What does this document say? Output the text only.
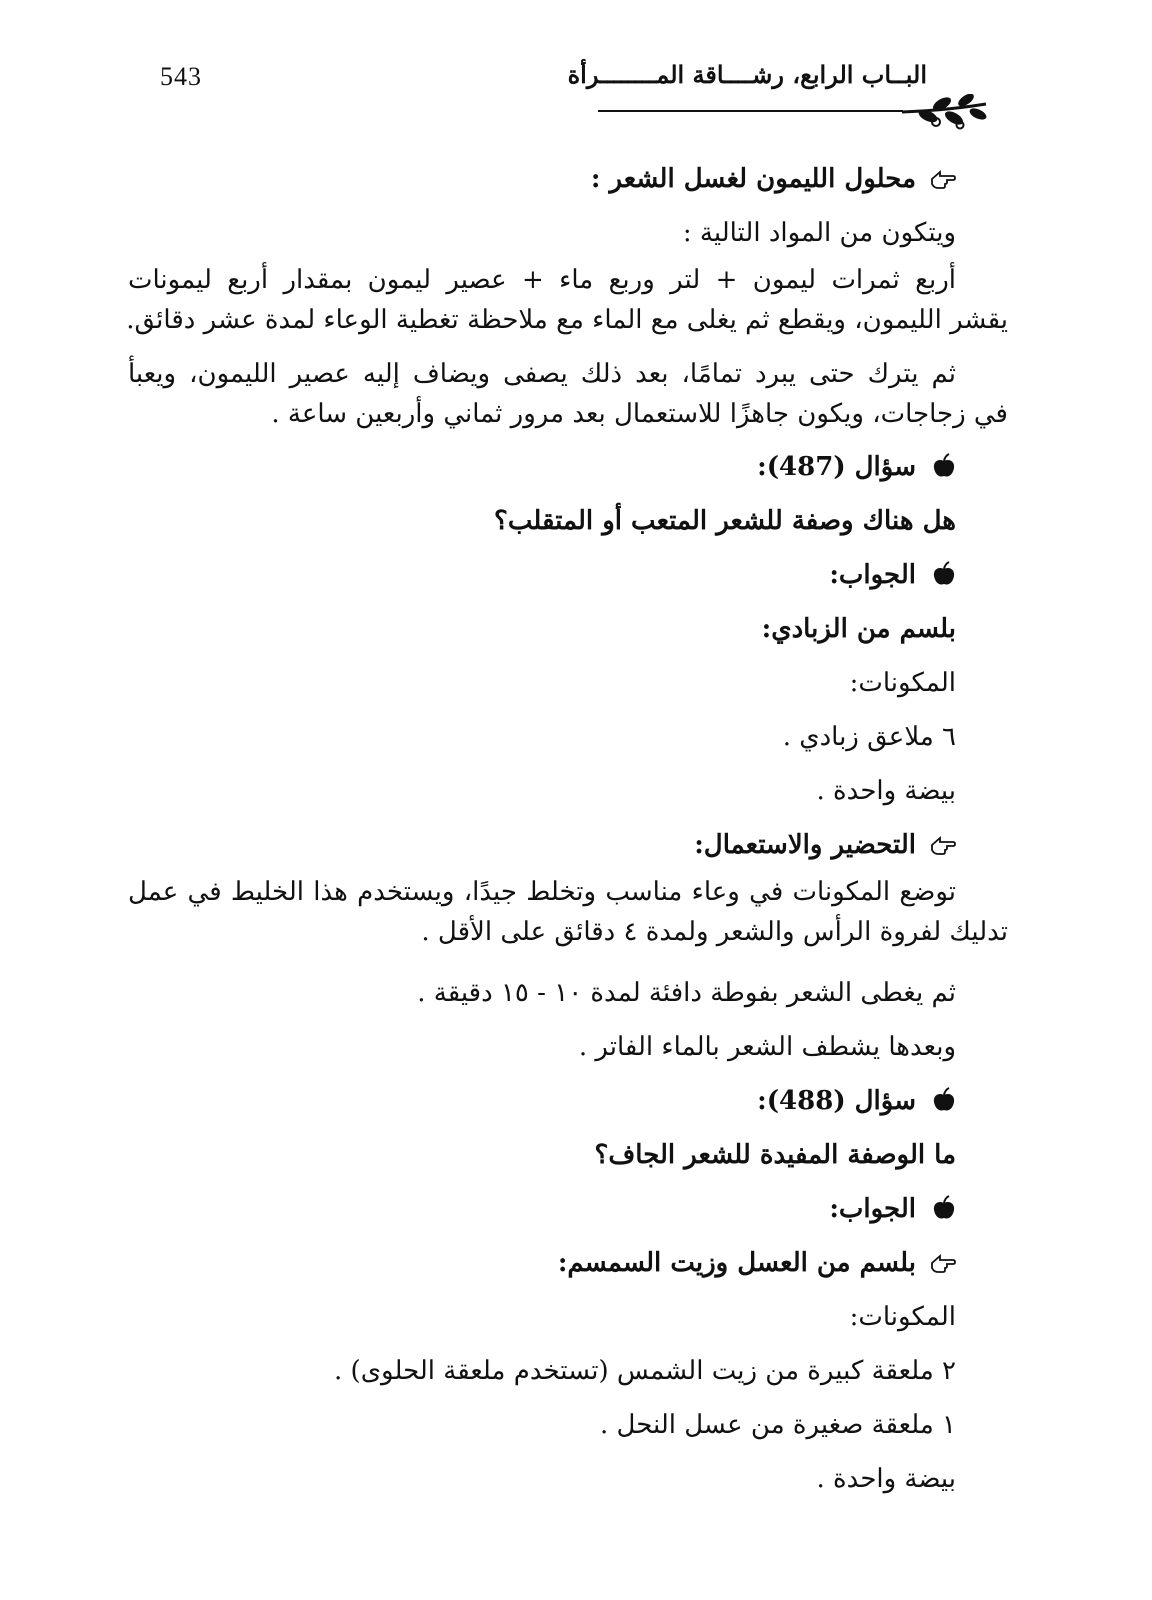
543	البــاب الرابع، رشــــاقة المــــــــرأة
محلول الليمون لغسل الشعر :
ويتكون من المواد التالية :
أربع ثمرات ليمون + لتر وربع ماء + عصير ليمون بمقدار أربع ليمونات
يقشر الليمون، ويقطع ثم يغلى مع الماء مع ملاحظة تغطية الوعاء لمدة عشر دقائق.
ثم يترك حتى يبرد تمامًا، بعد ذلك يصفى ويضاف إليه عصير الليمون، ويعبأ
في زجاجات، ويكون جاهزًا للاستعمال بعد مرور ثماني وأربعين ساعة .
سؤال (487):
هل هناك وصفة للشعر المتعب أو المتقلب؟
الجواب:
بلسم من الزبادي:
المكونات:
٦ ملاعق زبادي .
بيضة واحدة .
التحضير والاستعمال:
توضع المكونات في وعاء مناسب وتخلط جيدًا، ويستخدم هذا الخليط في عمل
تدليك لفروة الرأس والشعر ولمدة ٤ دقائق على الأقل .
ثم يغطى الشعر بفوطة دافئة لمدة ١٠ - ١٥ دقيقة .
وبعدها يشطف الشعر بالماء الفاتر .
سؤال (488):
ما الوصفة المفيدة للشعر الجاف؟
الجواب:
بلسم من العسل وزيت السمسم:
المكونات:
٢ ملعقة كبيرة من زيت الشمس (تستخدم ملعقة الحلوى) .
١ ملعقة صغيرة من عسل النحل .
بيضة واحدة .
